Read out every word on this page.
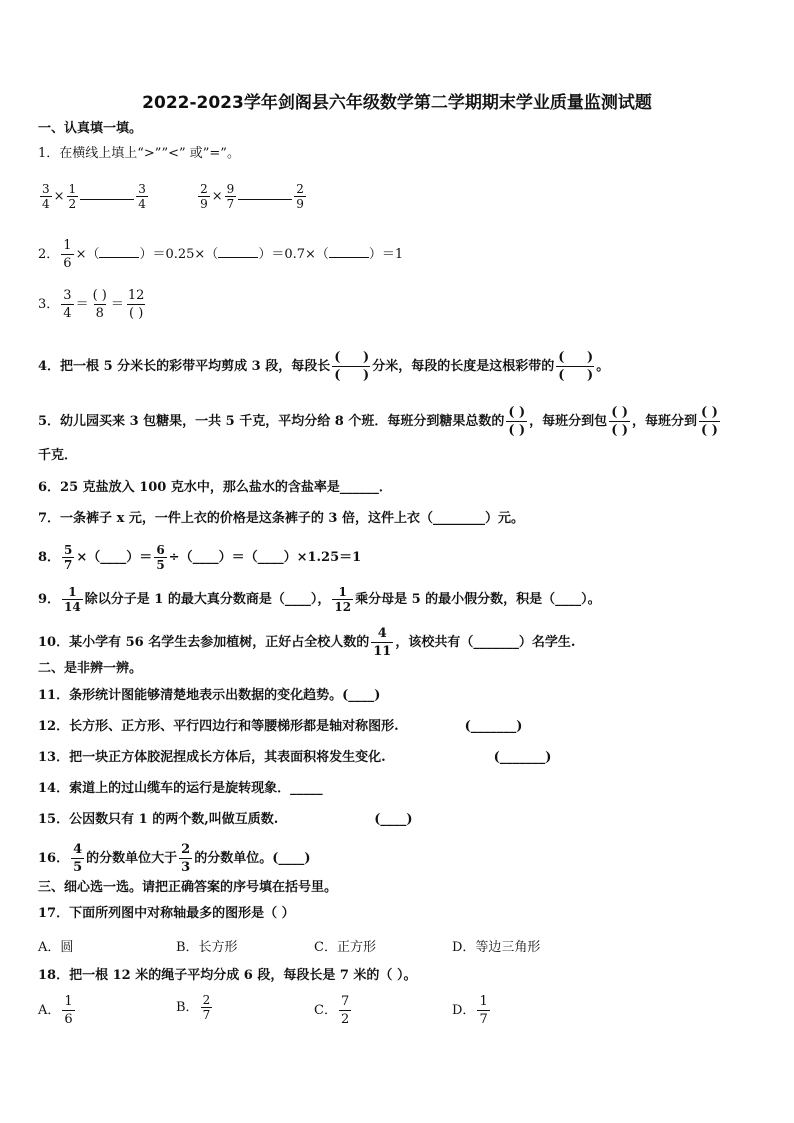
2022-2023学年剑阁县六年级数学第二学期期末学业质量监测试题
一、认真填一填。
1．在横线上填上“>””<” 或”=”。
$\frac{3}{4} \times \frac{1}{2}$	$\frac{3}{4}$
	$\frac{2}{9} \times \frac{9}{7}$	$\frac{2}{9}$
2． $\frac{1}{6}$ ×（	）＝0.25×（	）＝0.7×（	）＝1
3． $\frac{3}{4} = \frac{( )}{8} = \frac{12}{( )}$
4．把一根 5 分米长的彩带平均剪成 3 段，每段长 $\frac{( )}{( )}$ 分米，每段的长度是这根彩带的 $\frac{( )}{( )}$ 。
5．幼儿园买来 3 包糖果，一共 5 千克，平均分给 8 个班．每班分到糖果总数的 $\frac{( )}{( )}$ ，每班分到包 $\frac{( )}{( )}$ ，每班分到 $\frac{( )}{( )}$
千克．
6．25 克盐放入 100 克水中，那么盐水的含盐率是______．
7．一条裤子 x 元，一件上衣的价格是这条裤子的 3 倍，这件上衣（________）元。
8． $\frac{5}{7}$ ×（____）＝ $\frac{6}{5}$ ÷（____）＝（____）×1.25＝1
9． $\frac{1}{14}$ 除以分子是 1 的最大真分数商是（____）， $\frac{1}{12}$ 乘分母是 5 的最小假分数，积是（____）。
10．某小学有 56 名学生去参加植树，正好占全校人数的 $\frac{4}{11}$ ，该校共有（_______）名学生.
二、是非辨一辨。
11．条形统计图能够清楚地表示出数据的变化趋势。(____)
12．长方形、正方形、平行四边行和等腰梯形都是轴对称图形.	(_______)
13．把一块正方体胶泥捏成长方体后，其表面积将发生变化.	(_______)
14．索道上的过山缆车的运行是旋转现象．_____
15．公因数只有 1 的两个数,叫做互质数.	(____)
16． $\frac{4}{5}$ 的分数单位大于 $\frac{2}{3}$ 的分数单位。(____)
三、细心选一选。请把正确答案的序号填在括号里。
17．下面所列图中对称轴最多的图形是（ ）
A．圆	B．长方形	C．正方形	D．等边三角形
18．把一根 12 米的绳子平均分成 6 段，每段长是 7 米的（ ）。
A． $\frac{1}{6}$	B． $\frac{2}{7}$	C． $\frac{7}{2}$	D． $\frac{1}{7}$
